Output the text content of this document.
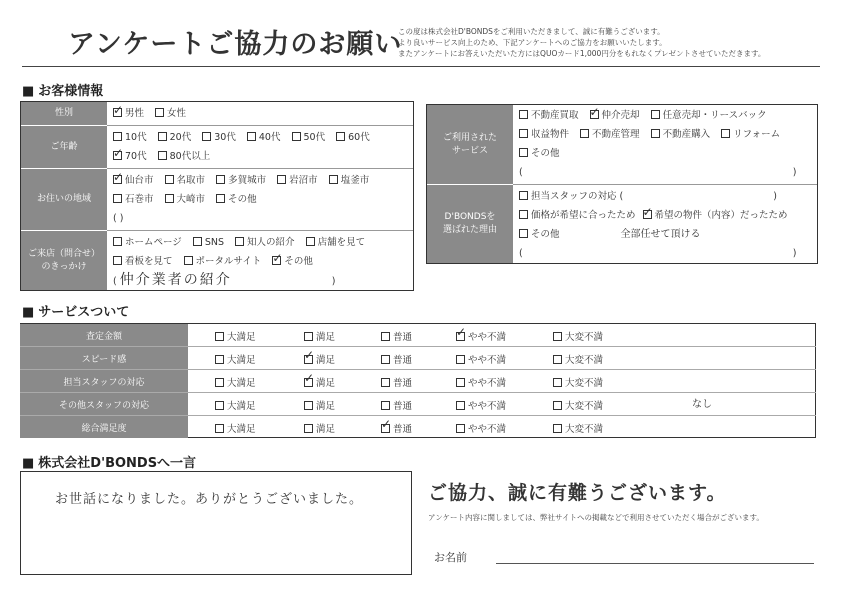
アンケートご協力のお願い
この度は株式会社D'BONDSをご利用いただきまして、誠に有難うございます。
より良いサービス向上のため、下記アンケートへのご協力をお願いいたします。
またアンケートにお答えいただいた方にはQUOカード1,000円分をもれなくプレゼントさせていただきます。
■ お客様情報
性別 ✓	男性 女性
ご年齢
10代 20代 30代 40代 50代 60代
✓70代 80代以上
お住いの地域
✓仙台市 名取市 多賀城市 岩沼市 塩釜市
石巻市 大崎市 その他
( )
ご来店（問合せ）
のきっかけ
ホームページ SNS 知人の紹介 店舗を見て
看板を見て ポータルサイト ✓ その他
( 仲介業者の紹介	)
ご利用された
サービス
不動産買取 ✓ 仲介売却 任意売却・リースバック
収益物件 不動産管理 不動産購入 リフォーム
その他
(	)
D'BONDSを
選ばれた理由
担当スタッフの対応 (	)
価格が希望に合ったため ✓ 希望の物件（内容）だったため
その他	全部任せて頂ける
(	)
■ サービスついて
査定金額	大満足	満足	普通 ✓	やや不満	大変不満
スピード感	大満足 ✓	満足	普通	やや不満	大変不満
担当スタッフの対応	大満足 ✓	満足	普通	やや不満	大変不満
その他スタッフの対応	大満足	満足	普通	やや不満	大変不満	なし
総合満足度	大満足	満足 ✓	普通	やや不満	大変不満
■ 株式会社D'BONDSへ一言
お世話になりました。ありがとうございました。	ご協力、誠に有難うございます。
アンケート内容に関しましては、弊社サイトへの掲載などで利用させていただく場合がございます。
お名前
